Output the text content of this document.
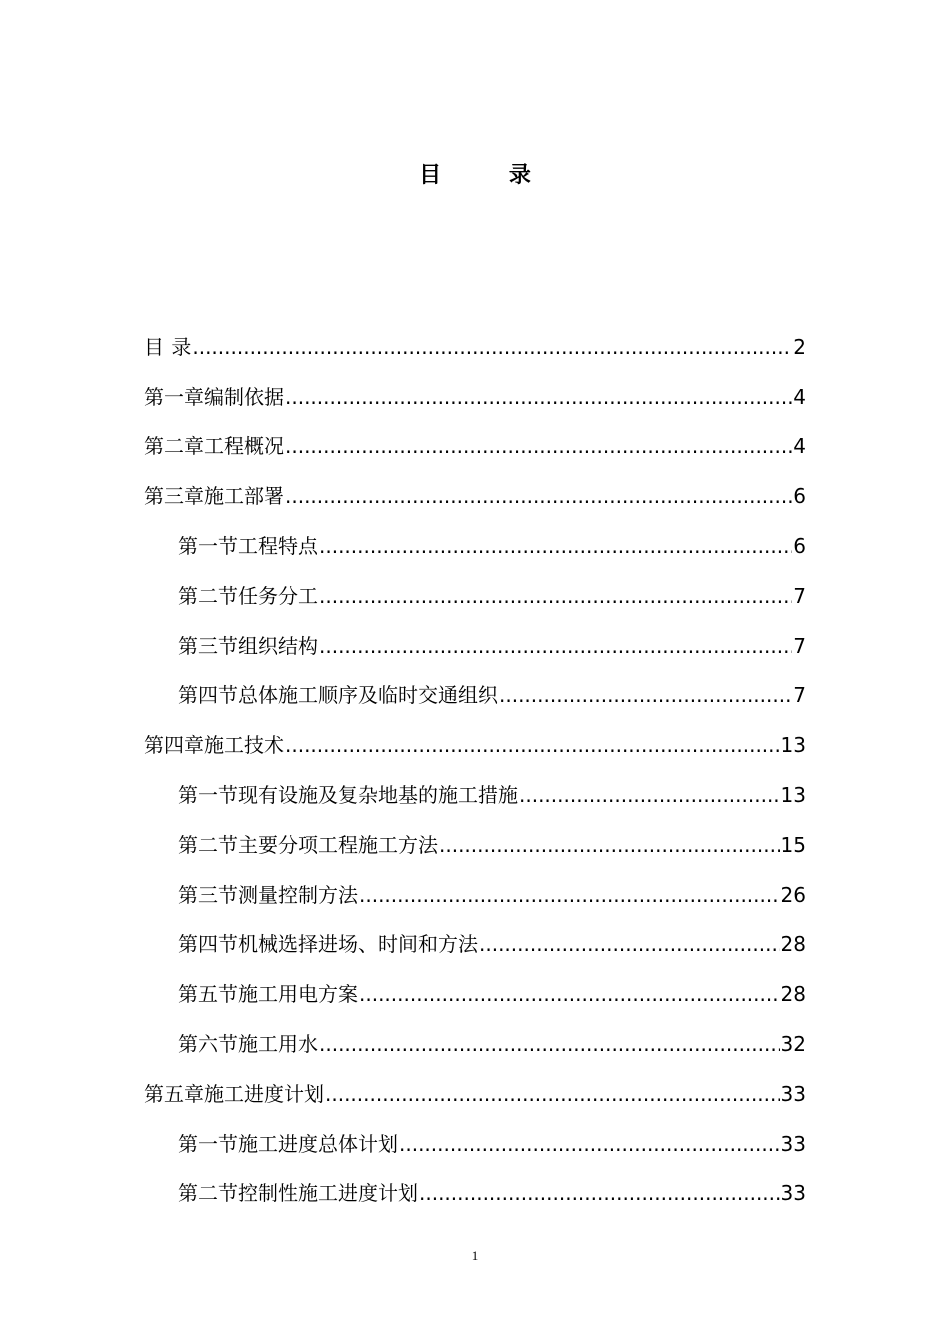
目 录
目 录 .....	2
第一章 编制依据 .....	4
第二章 工程概况 .....	4
第三章 施工部署 .....	6
第一节 工程特点 .....	6
第二节 任务分工 .....	7
第三节 组织结构 .....	7
第四节 总体施工顺序及临时交通组织 .....	7
第四章 施工技术 .....	13
第一节 现有设施及复杂地基的施工措施 .....	13
第二节 主要分项工程施工方法 .....	15
第三节 测量控制方法 .....	26
第四节 机械选择进场、时间和方法 .....	28
第五节 施工用电方案 .....	28
第六节 施工用水 .....	32
第五章 施工进度计划 .....	33
第一节 施工进度总体计划 .....	33
第二节 控制性施工进度计划 .....	33
1
